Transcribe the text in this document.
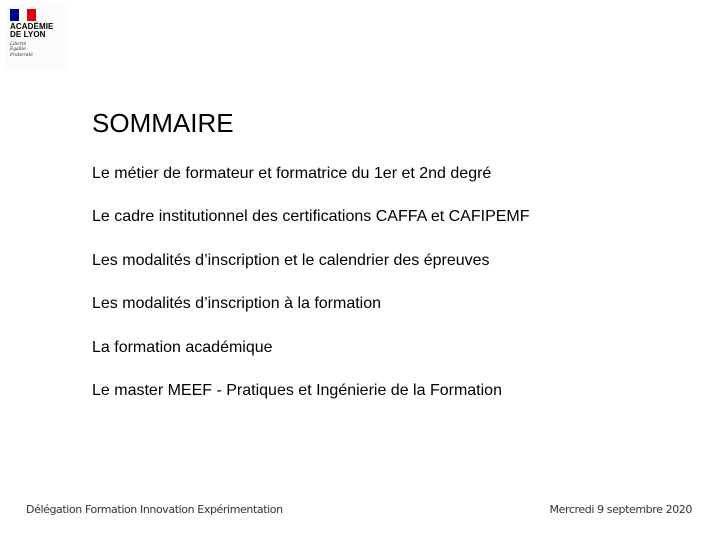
ACADÉMIE
DE LYON
Liberté
Égalité
Fraternité
SOMMAIRE
Le métier de formateur et formatrice du 1er et 2nd degré
Le cadre institutionnel des certifications CAFFA et CAFIPEMF
Les modalités d’inscription et le calendrier des épreuves
Les modalités d’inscription à la formation
La formation académique
Le master MEEF - Pratiques et Ingénierie de la Formation
Délégation Formation Innovation Expérimentation	Mercredi 9 septembre 2020
